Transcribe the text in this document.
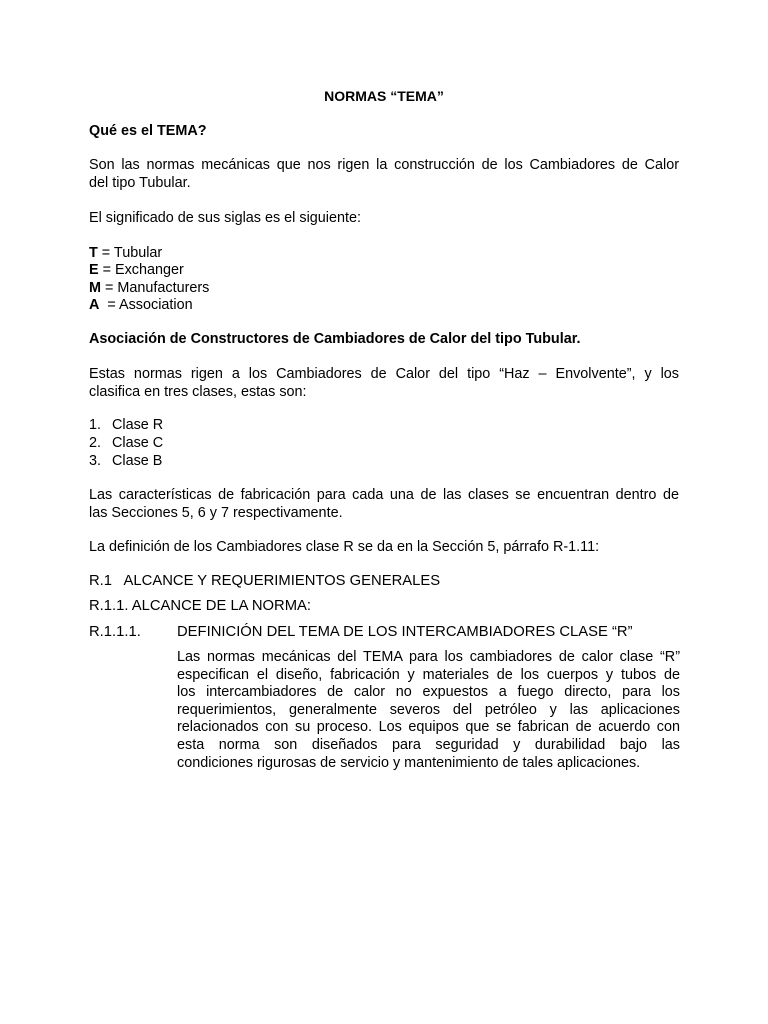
NORMAS “TEMA”
Qué es el TEMA?
Son las normas mecánicas que nos rigen la construcción de los Cambiadores de Calor
del tipo Tubular.
El significado de sus siglas es el siguiente:
T = Tubular
E = Exchanger
M = Manufacturers
A  = Association
Asociación de Constructores de Cambiadores de Calor del tipo Tubular.
Estas normas rigen a los Cambiadores de Calor del tipo “Haz – Envolvente”, y los
clasifica en tres clases, estas son:
1. Clase R
2. Clase C
3. Clase B
Las características de fabricación para cada una de las clases se encuentran dentro de
las Secciones 5, 6 y 7 respectivamente.
La definición de los Cambiadores clase R se da en la Sección 5, párrafo R-1.11:
R.1   ALCANCE Y REQUERIMIENTOS GENERALES
R.1.1. ALCANCE DE LA NORMA:
R.1.1.1. DEFINICIÓN DEL TEMA DE LOS INTERCAMBIADORES CLASE “R”
Las normas mecánicas del TEMA para los cambiadores de calor clase “R”
especifican el diseño, fabricación y materiales de los cuerpos y tubos de
los intercambiadores de calor no expuestos a fuego directo, para los
requerimientos, generalmente severos del petróleo y las aplicaciones
relacionados con su proceso. Los equipos que se fabrican de acuerdo con
esta norma son diseñados para seguridad y durabilidad bajo las
condiciones rigurosas de servicio y mantenimiento de tales aplicaciones.
